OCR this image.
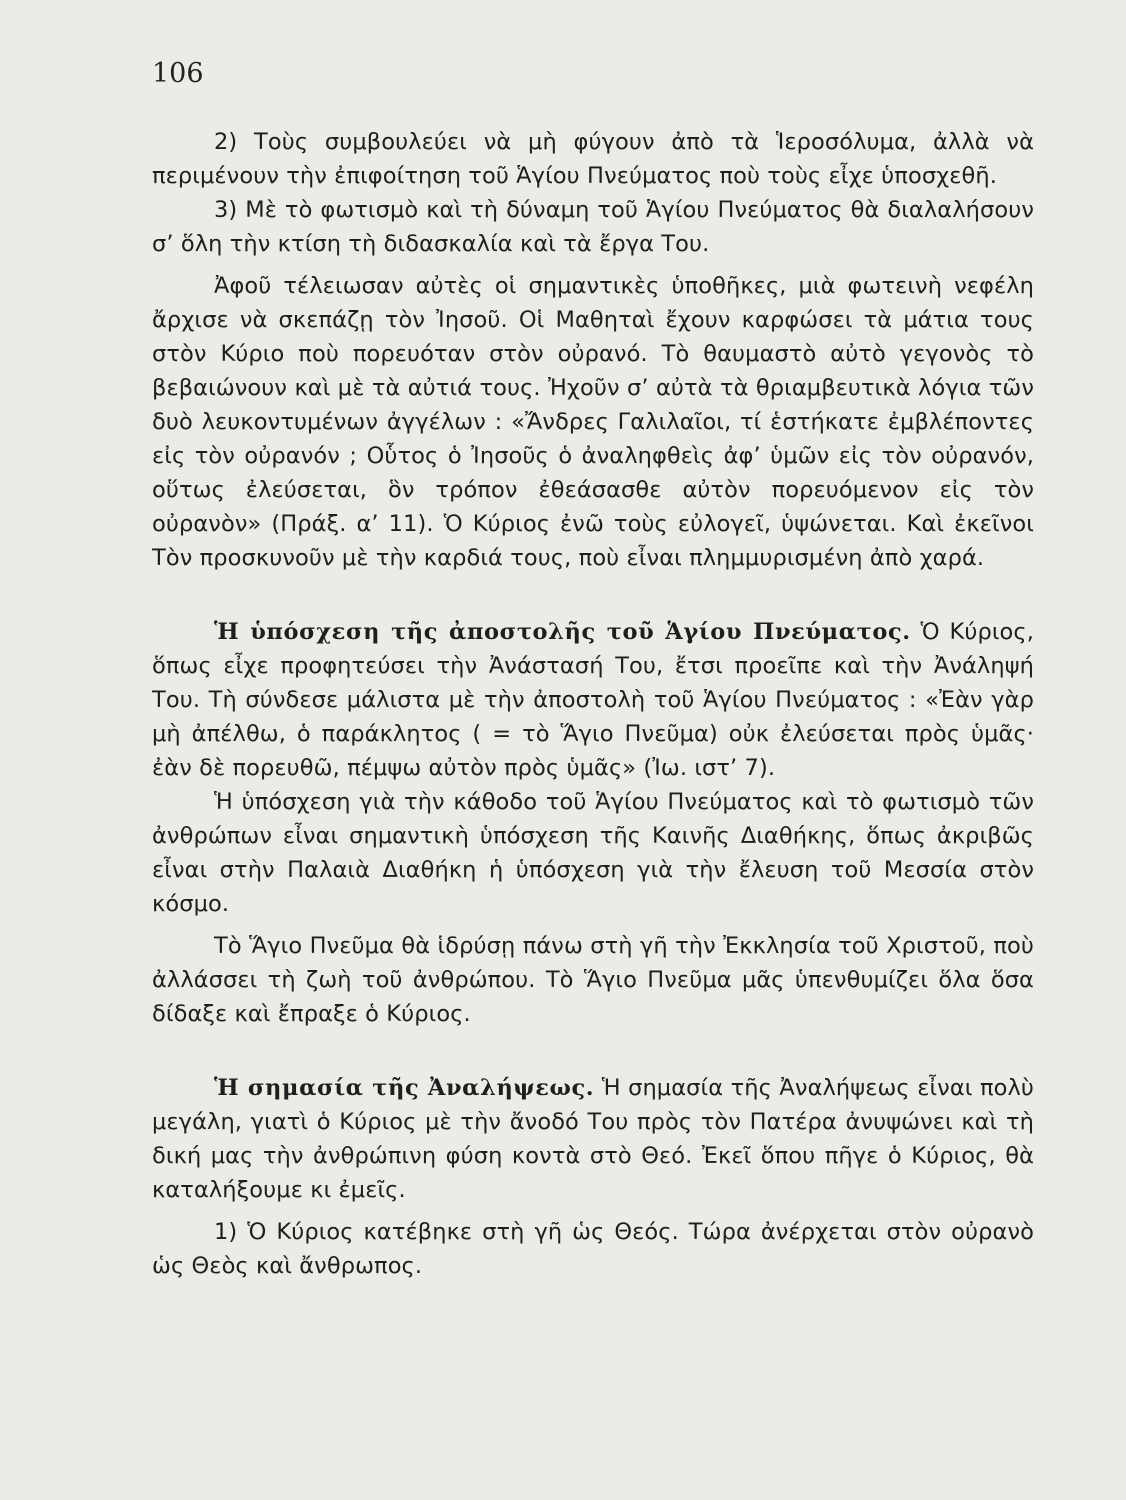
106

2) Τοὺς συμβουλεύει νὰ μὴ φύγουν ἀπὸ τὰ Ἱεροσόλυμα, ἀλλὰ νὰ περιμένουν τὴν ἐπιφοίτηση τοῦ Ἁγίου Πνεύματος ποὺ τοὺς εἶχε ὑποσχεθῆ.

3) Μὲ τὸ φωτισμὸ καὶ τὴ δύναμη τοῦ Ἁγίου Πνεύματος θὰ διαλαλήσουν σ’ ὅλη τὴν κτίση τὴ διδασκαλία καὶ τὰ ἔργα Του.

Ἀφοῦ τέλειωσαν αὐτὲς οἱ σημαντικὲς ὑποθῆκες, μιὰ φωτεινὴ νεφέλη ἄρχισε νὰ σκεπάζῃ τὸν Ἰησοῦ. Οἱ Μαθηταὶ ἔχουν καρφώσει τὰ μάτια τους στὸν Κύριο ποὺ πορευόταν στὸν οὐρανό. Τὸ θαυμαστὸ αὐτὸ γεγονὸς τὸ βεβαιώνουν καὶ μὲ τὰ αὐτιά τους. Ἠχοῦν σ’ αὐτὰ τὰ θριαμβευτικὰ λόγια τῶν δυὸ λευκοντυμένων ἀγγέλων : «Ἄνδρες Γαλιλαῖοι, τί ἑστήκατε ἐμβλέποντες εἰς τὸν οὐρανόν ; Οὗτος ὁ Ἰησοῦς ὁ ἀναληφθεὶς ἀφ’ ὑμῶν εἰς τὸν οὐρανόν, οὕτως ἐλεύσεται, ὃν τρόπον ἐθεάσασθε αὐτὸν πορευόμενον εἰς τὸν οὐρανὸν» (Πράξ. α’ 11). Ὁ Κύριος ἐνῶ τοὺς εὐλογεῖ, ὑψώνεται. Καὶ ἐκεῖνοι Τὸν προσκυνοῦν μὲ τὴν καρδιά τους, ποὺ εἶναι πλημμυρισμένη ἀπὸ χαρά.

Ἡ ὑπόσχεση τῆς ἀποστολῆς τοῦ Ἁγίου Πνεύματος. Ὁ Κύριος, ὅπως εἶχε προφητεύσει τὴν Ἀνάστασή Του, ἔτσι προεῖπε καὶ τὴν Ἀνάληψή Του. Τὴ σύνδεσε μάλιστα μὲ τὴν ἀποστολὴ τοῦ Ἁγίου Πνεύματος : «Ἐὰν γὰρ μὴ ἀπέλθω, ὁ παράκλητος ( = τὸ Ἅγιο Πνεῦμα) οὐκ ἐλεύσεται πρὸς ὑμᾶς· ἐὰν δὲ πορευθῶ, πέμψω αὐτὸν πρὸς ὑμᾶς» (Ἰω. ιστ’ 7).

Ἡ ὑπόσχεση γιὰ τὴν κάθοδο τοῦ Ἁγίου Πνεύματος καὶ τὸ φωτισμὸ τῶν ἀνθρώπων εἶναι σημαντικὴ ὑπόσχεση τῆς Καινῆς Διαθήκης, ὅπως ἀκριβῶς εἶναι στὴν Παλαιὰ Διαθήκη ἡ ὑπόσχεση γιὰ τὴν ἔλευση τοῦ Μεσσία στὸν κόσμο.

Τὸ Ἅγιο Πνεῦμα θὰ ἱδρύσῃ πάνω στὴ γῆ τὴν Ἐκκλησία τοῦ Χριστοῦ, ποὺ ἀλλάσσει τὴ ζωὴ τοῦ ἀνθρώπου. Τὸ Ἅγιο Πνεῦμα μᾶς ὑπενθυμίζει ὅλα ὅσα δίδαξε καὶ ἔπραξε ὁ Κύριος.

Ἡ σημασία τῆς Ἀναλήψεως. Ἡ σημασία τῆς Ἀναλήψεως εἶναι πολὺ μεγάλη, γιατὶ ὁ Κύριος μὲ τὴν ἄνοδό Του πρὸς τὸν Πατέρα ἀνυψώνει καὶ τὴ δική μας τὴν ἀνθρώπινη φύση κοντὰ στὸ Θεό. Ἐκεῖ ὅπου πῆγε ὁ Κύριος, θὰ καταλήξουμε κι ἐμεῖς.

1) Ὁ Κύριος κατέβηκε στὴ γῆ ὡς Θεός. Τώρα ἀνέρχεται στὸν οὐρανὸ ὡς Θεὸς καὶ ἄνθρωπος.
